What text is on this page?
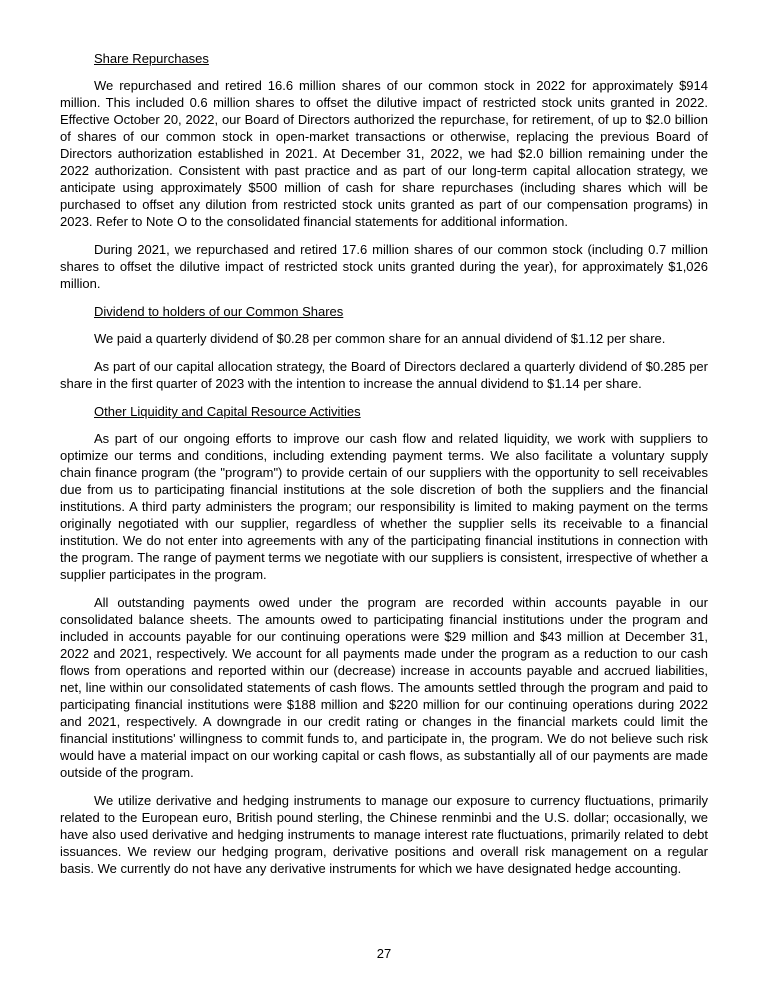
Share Repurchases

We repurchased and retired 16.6 million shares of our common stock in 2022 for approximately $914 million. This included 0.6 million shares to offset the dilutive impact of restricted stock units granted in 2022. Effective October 20, 2022, our Board of Directors authorized the repurchase, for retirement, of up to $2.0 billion of shares of our common stock in open-market transactions or otherwise, replacing the previous Board of Directors authorization established in 2021. At December 31, 2022, we had $2.0 billion remaining under the 2022 authorization. Consistent with past practice and as part of our long-term capital allocation strategy, we anticipate using approximately $500 million of cash for share repurchases (including shares which will be purchased to offset any dilution from restricted stock units granted as part of our compensation programs) in 2023. Refer to Note O to the consolidated financial statements for additional information.

During 2021, we repurchased and retired 17.6 million shares of our common stock (including 0.7 million shares to offset the dilutive impact of restricted stock units granted during the year), for approximately $1,026 million.

Dividend to holders of our Common Shares

We paid a quarterly dividend of $0.28 per common share for an annual dividend of $1.12 per share.

As part of our capital allocation strategy, the Board of Directors declared a quarterly dividend of $0.285 per share in the first quarter of 2023 with the intention to increase the annual dividend to $1.14 per share.

Other Liquidity and Capital Resource Activities

As part of our ongoing efforts to improve our cash flow and related liquidity, we work with suppliers to optimize our terms and conditions, including extending payment terms. We also facilitate a voluntary supply chain finance program (the "program") to provide certain of our suppliers with the opportunity to sell receivables due from us to participating financial institutions at the sole discretion of both the suppliers and the financial institutions. A third party administers the program; our responsibility is limited to making payment on the terms originally negotiated with our supplier, regardless of whether the supplier sells its receivable to a financial institution. We do not enter into agreements with any of the participating financial institutions in connection with the program. The range of payment terms we negotiate with our suppliers is consistent, irrespective of whether a supplier participates in the program.

All outstanding payments owed under the program are recorded within accounts payable in our consolidated balance sheets. The amounts owed to participating financial institutions under the program and included in accounts payable for our continuing operations were $29 million and $43 million at December 31, 2022 and 2021, respectively. We account for all payments made under the program as a reduction to our cash flows from operations and reported within our (decrease) increase in accounts payable and accrued liabilities, net, line within our consolidated statements of cash flows. The amounts settled through the program and paid to participating financial institutions were $188 million and $220 million for our continuing operations during 2022 and 2021, respectively. A downgrade in our credit rating or changes in the financial markets could limit the financial institutions' willingness to commit funds to, and participate in, the program. We do not believe such risk would have a material impact on our working capital or cash flows, as substantially all of our payments are made outside of the program.

We utilize derivative and hedging instruments to manage our exposure to currency fluctuations, primarily related to the European euro, British pound sterling, the Chinese renminbi and the U.S. dollar; occasionally, we have also used derivative and hedging instruments to manage interest rate fluctuations, primarily related to debt issuances. We review our hedging program, derivative positions and overall risk management on a regular basis. We currently do not have any derivative instruments for which we have designated hedge accounting.

27
